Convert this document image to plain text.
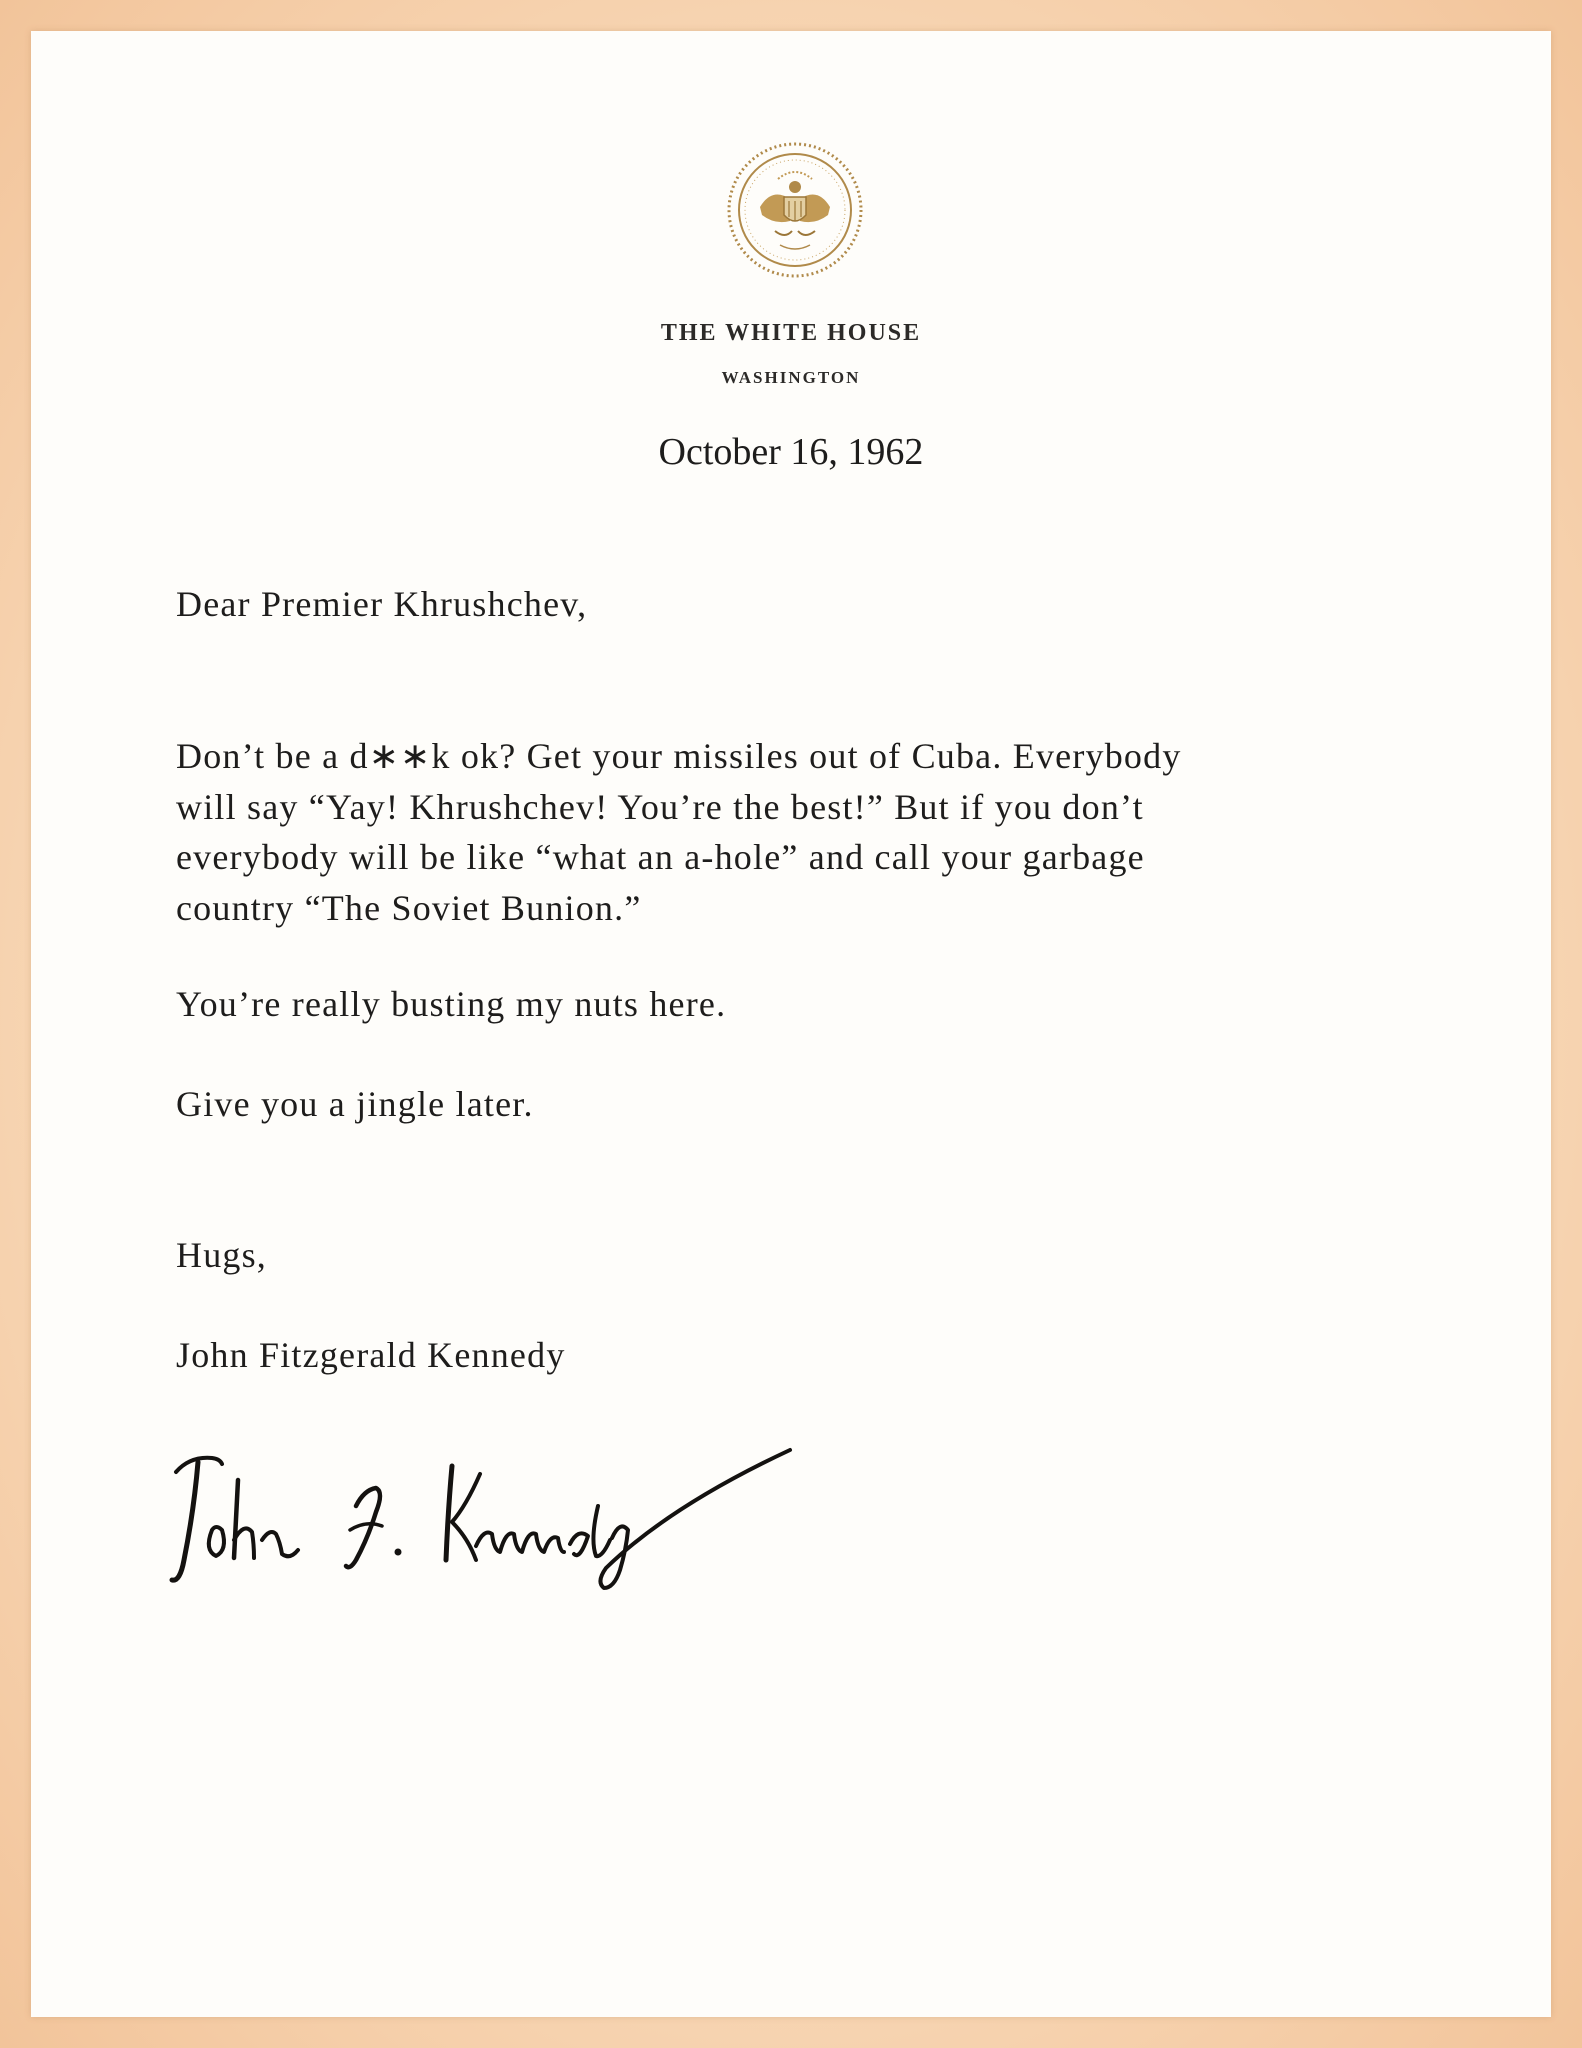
THE WHITE HOUSE
WASHINGTON
October 16, 1962
Dear Premier Khrushchev,
Don’t be a d∗∗k ok? Get your missiles out of Cuba. Everybody
will say “Yay! Khrushchev! You’re the best!” But if you don’t
everybody will be like “what an a-hole” and call your garbage
country “The Soviet Bunion.”
You’re really busting my nuts here.
Give you a jingle later.
Hugs,
John Fitzgerald Kennedy
